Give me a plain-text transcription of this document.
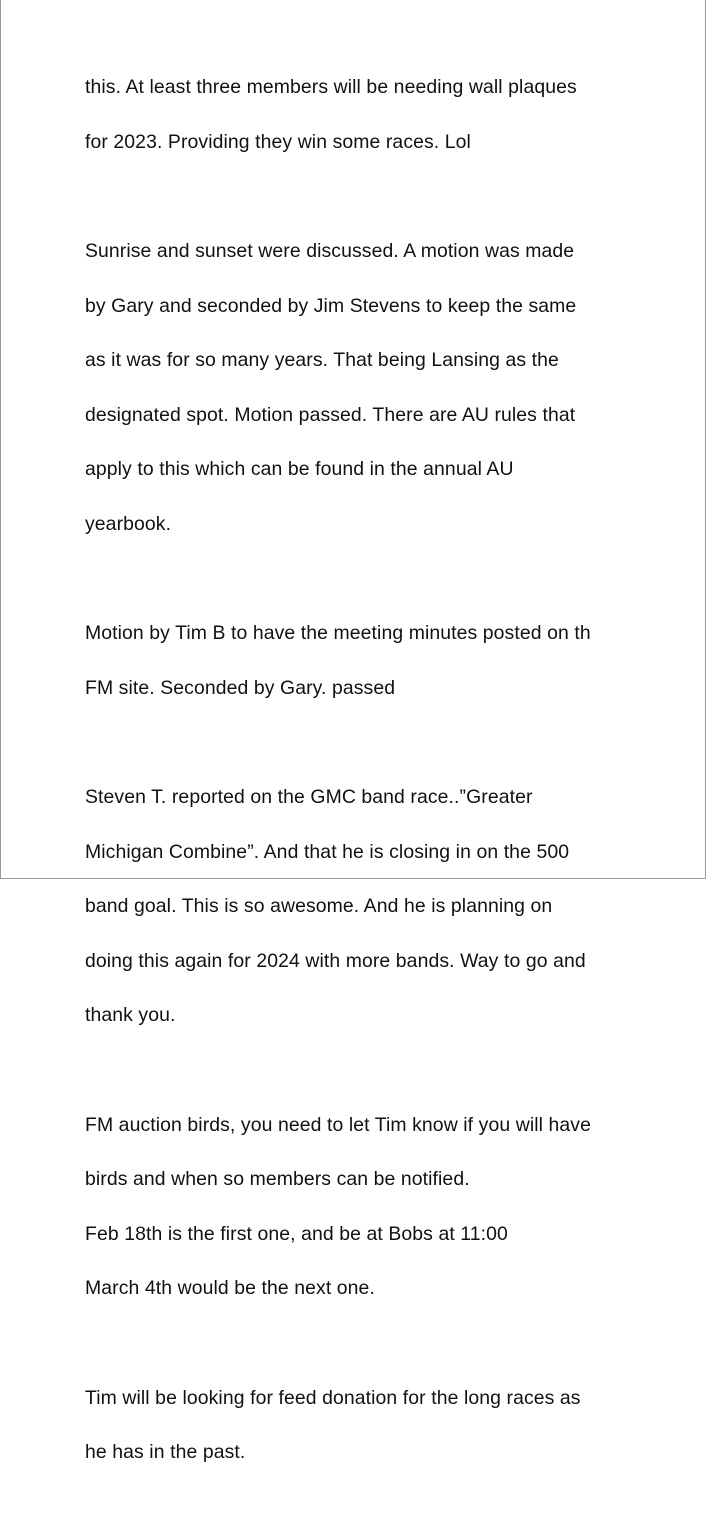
this. At least three members will be needing wall plaques

for 2023. Providing they win some races. Lol

Sunrise and sunset were discussed. A motion was made

by Gary and seconded by Jim Stevens to keep the same

as it was for so many years. That being Lansing as the

designated spot. Motion passed. There are AU rules that

apply to this which can be found in the annual AU

yearbook.

Motion by Tim B to have the meeting minutes posted on th

FM site. Seconded by Gary. passed

Steven T. reported on the GMC band race..”Greater

Michigan Combine”. And that he is closing in on the 500

band goal. This is so awesome. And he is planning on

doing this again for 2024 with more bands. Way to go and

thank you.

FM auction birds, you need to let Tim know if you will have

birds and when so members can be notified.

Feb 18th is the first one, and be at Bobs at 11:00

March 4th would be the next one.

Tim will be looking for feed donation for the long races as

he has in the past.
